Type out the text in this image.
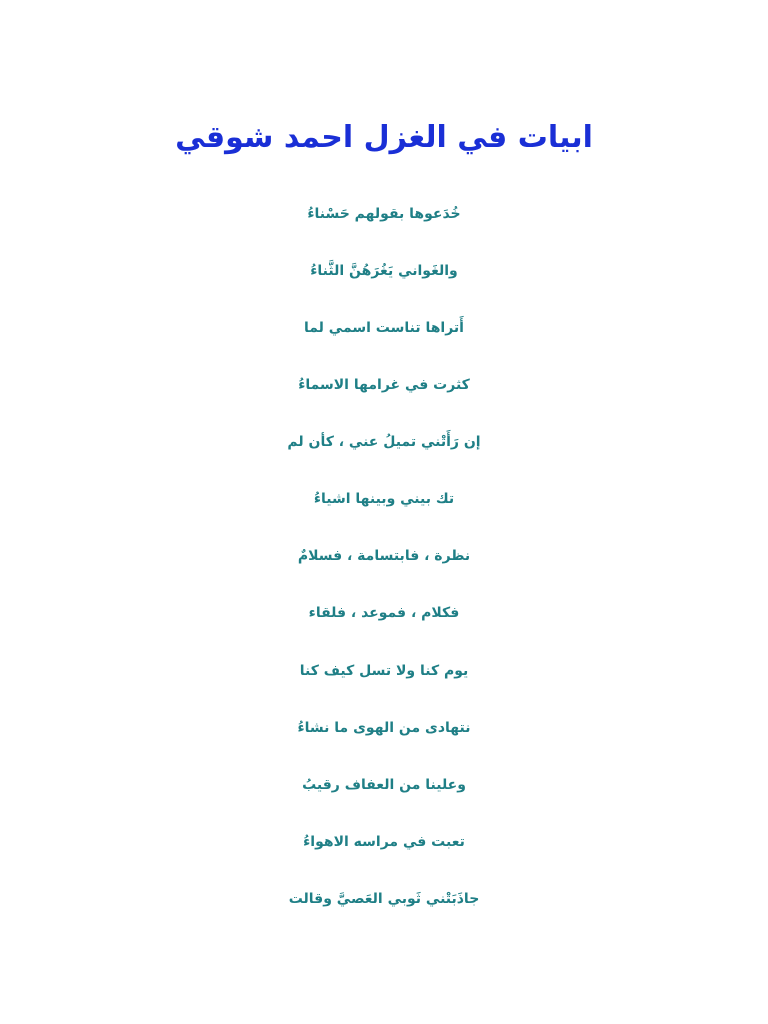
ابيات في الغزل احمد شوقي
خُدَعوها بقولهم حَسْناءُ
والغَواني يَغُرَهُنَّ الثَّناءُ
أَتراها تناست اسمي لما
كثرت في غرامها الاسماءُ
إن رَأَتْني تميلُ عني ، كأن لم
تك بيني وبينها اشياءُ
نظرة ، فابتسامة ، فسلامٌ
فكلام ، فموعد ، فلقاء
يوم كنا ولا تسل كيف كنا
نتهادى من الهوى ما نشاءُ
وعلينا من العفاف رقيبُ
تعبت في مراسه الاهواءُ
جاذَبَتْني ثَوبي العَصيَّ وقالت
